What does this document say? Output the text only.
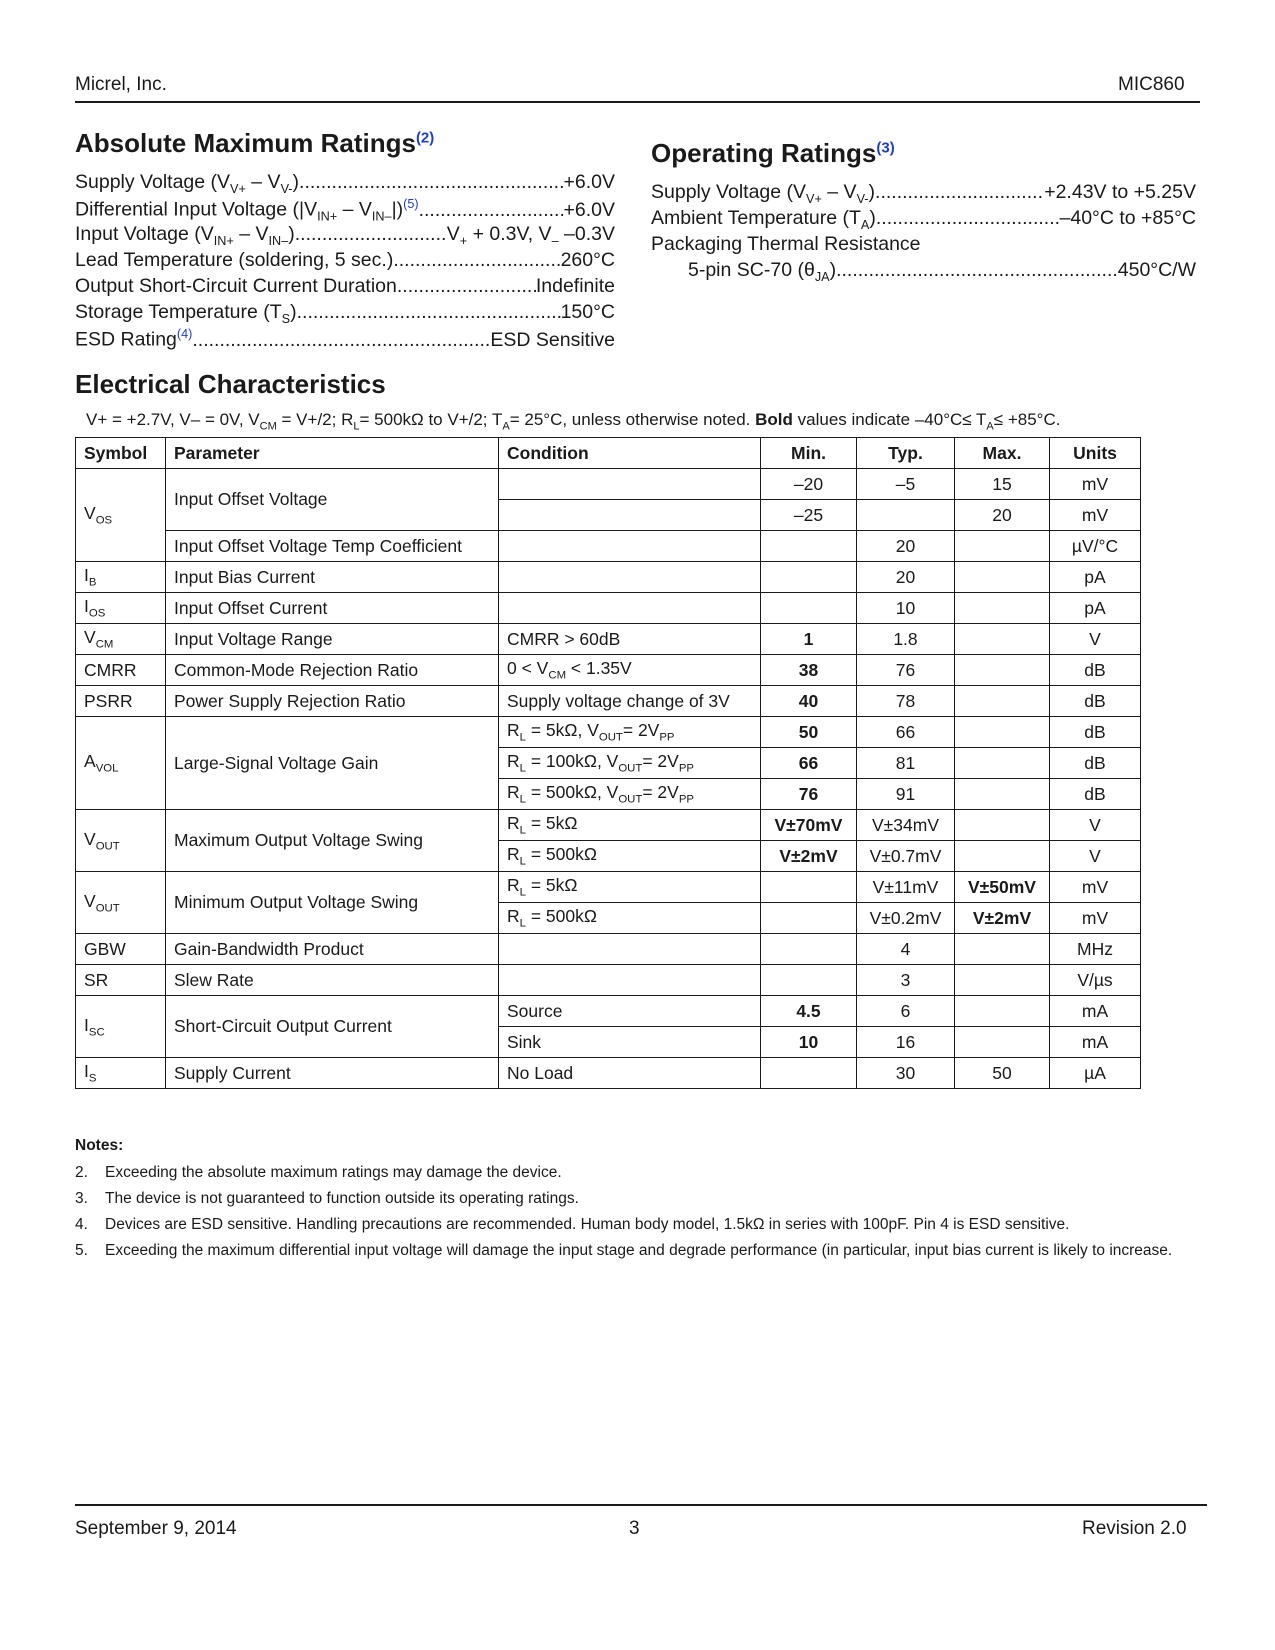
Micrel, Inc.	MIC860
Absolute Maximum Ratings$^{(2)}$
Supply Voltage $(V_{V+} - V_{V-})$ .....	+6.0V
Differential Input Voltage $(|V_{IN+} - V_{IN-}|)^{(5)}$ .....	+6.0V
Input Voltage $(V_{IN+} - V_{IN-})$ .....	$V_+ + 0.3V$, $V_-$ –0.3V
Lead Temperature (soldering, 5 sec.) .....	260°C
Output Short-Circuit Current Duration .....	Indefinite
Storage Temperature $(T_S)$ .....	150°C
ESD Rating$^{(4)}$ .....	ESD Sensitive
Operating Ratings$^{(3)}$
Supply Voltage $(V_{V+} - V_{V-})$ .....	+2.43V to +5.25V
Ambient Temperature $(T_A)$ .....	–40°C to +85°C
Packaging Thermal Resistance
5-pin SC-70 $(\theta_{JA})$ .....	450°C/W
Electrical Characteristics
V+ = +2.7V, V– = 0V, $V_{CM} = V+/2$; $R_L= 500k\Omega$ to V+/2; $T_A= 25^\circ C$, unless otherwise noted. Bold values indicate $-40^\circ C\le T_A\le +85^\circ C$.
Symbol	Parameter	Condition	Min.	Typ.	Max.	Units
$V_{OS}$	Input Offset Voltage		–20	–5	15	mV
			–25		20	mV
	Input Offset Voltage Temp Coefficient			20		µV/°C
$I_B$	Input Bias Current			20		pA
$I_{OS}$	Input Offset Current			10		pA
$V_{CM}$	Input Voltage Range	CMRR > 60dB	1	1.8		V
CMRR	Common-Mode Rejection Ratio	$0 < V_{CM} < 1.35V$	38	76		dB
PSRR	Power Supply Rejection Ratio	Supply voltage change of 3V	40	78		dB
$A_{VOL}$	Large-Signal Voltage Gain	$R_L = 5k\Omega$, $V_{OUT}= 2V_{PP}$	50	66		dB
		$R_L = 100k\Omega$, $V_{OUT}= 2V_{PP}$	66	81		dB
		$R_L = 500k\Omega$, $V_{OUT}= 2V_{PP}$	76	91		dB
$V_{OUT}$	Maximum Output Voltage Swing	$R_L = 5k\Omega$	V±70mV	V±34mV		V
		$R_L = 500k\Omega$	V±2mV	V±0.7mV		V
$V_{OUT}$	Minimum Output Voltage Swing	$R_L = 5k\Omega$		V±11mV	V±50mV	mV
		$R_L = 500k\Omega$		V±0.2mV	V±2mV	mV
GBW	Gain-Bandwidth Product			4		MHz
SR	Slew Rate			3		V/µs
$I_{SC}$	Short-Circuit Output Current	Source	4.5	6		mA
		Sink	10	16		mA
$I_S$	Supply Current	No Load		30	50	µA
Notes:
2.	Exceeding the absolute maximum ratings may damage the device.
3.	The device is not guaranteed to function outside its operating ratings.
4.	Devices are ESD sensitive. Handling precautions are recommended. Human body model, 1.5kΩ in series with 100pF. Pin 4 is ESD sensitive.
5.	Exceeding the maximum differential input voltage will damage the input stage and degrade performance (in particular, input bias current is likely to increase.
September 9, 2014	3	Revision 2.0
